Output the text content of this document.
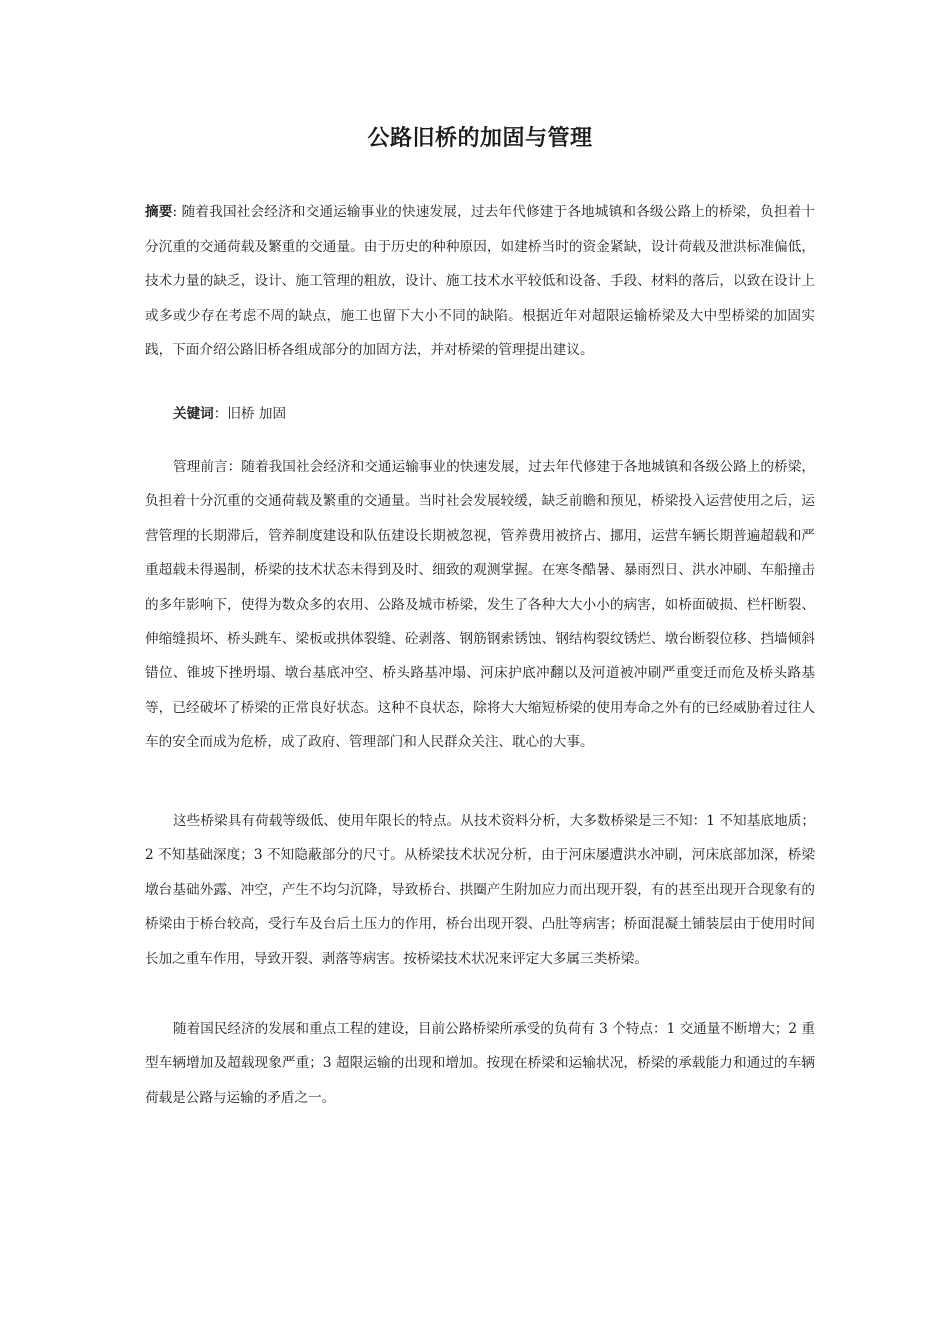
公路旧桥的加固与管理

摘要: 随着我国社会经济和交通运输事业的快速发展，过去年代修建于各地城镇和各级公路上的桥梁，负担着十分沉重的交通荷载及繁重的交通量。由于历史的种种原因，如建桥当时的资金紧缺，设计荷载及泄洪标准偏低，技术力量的缺乏，设计、施工管理的粗放，设计、施工技术水平较低和设备、手段、材料的落后，以致在设计上或多或少存在考虑不周的缺点，施工也留下大小不同的缺陷。根据近年对超限运输桥梁及大中型桥梁的加固实践，下面介绍公路旧桥各组成部分的加固方法，并对桥梁的管理提出建议。

关键词：旧桥 加固

管理前言：随着我国社会经济和交通运输事业的快速发展，过去年代修建于各地城镇和各级公路上的桥梁，负担着十分沉重的交通荷载及繁重的交通量。当时社会发展较缓，缺乏前瞻和预见，桥梁投入运营使用之后，运营管理的长期滞后，管养制度建设和队伍建设长期被忽视，管养费用被挤占、挪用，运营车辆长期普遍超载和严重超载未得遏制，桥梁的技术状态未得到及时、细致的观测掌握。在寒冬酷暑、暴雨烈日、洪水冲刷、车船撞击的多年影响下，使得为数众多的农用、公路及城市桥梁，发生了各种大大小小的病害，如桥面破损、栏杆断裂、伸缩缝损坏、桥头跳车、梁板或拱体裂缝、砼剥落、钢筋钢索锈蚀、钢结构裂纹锈烂、墩台断裂位移、挡墙倾斜错位、锥坡下挫坍塌、墩台基底冲空、桥头路基冲塌、河床护底冲翻以及河道被冲刷严重变迁而危及桥头路基等，已经破坏了桥梁的正常良好状态。这种不良状态，除将大大缩短桥梁的使用寿命之外有的已经威胁着过往人车的安全而成为危桥，成了政府、管理部门和人民群众关注、耽心的大事。

这些桥梁具有荷载等级低、使用年限长的特点。从技术资料分析，大多数桥梁是三不知：1 不知基底地质；2 不知基础深度；3 不知隐蔽部分的尺寸。从桥梁技术状况分析，由于河床屡遭洪水冲刷，河床底部加深，桥梁墩台基础外露、冲空，产生不均匀沉降，导致桥台、拱圈产生附加应力而出现开裂，有的甚至出现开合现象有的桥梁由于桥台较高，受行车及台后土压力的作用，桥台出现开裂、凸肚等病害；桥面混凝土铺装层由于使用时间长加之重车作用，导致开裂、剥落等病害。按桥梁技术状况来评定大多属三类桥梁。

随着国民经济的发展和重点工程的建设，目前公路桥梁所承受的负荷有 3 个特点：1 交通量不断增大；2 重型车辆增加及超载现象严重；3 超限运输的出现和增加。按现在桥梁和运输状况，桥梁的承载能力和通过的车辆荷载是公路与运输的矛盾之一。
